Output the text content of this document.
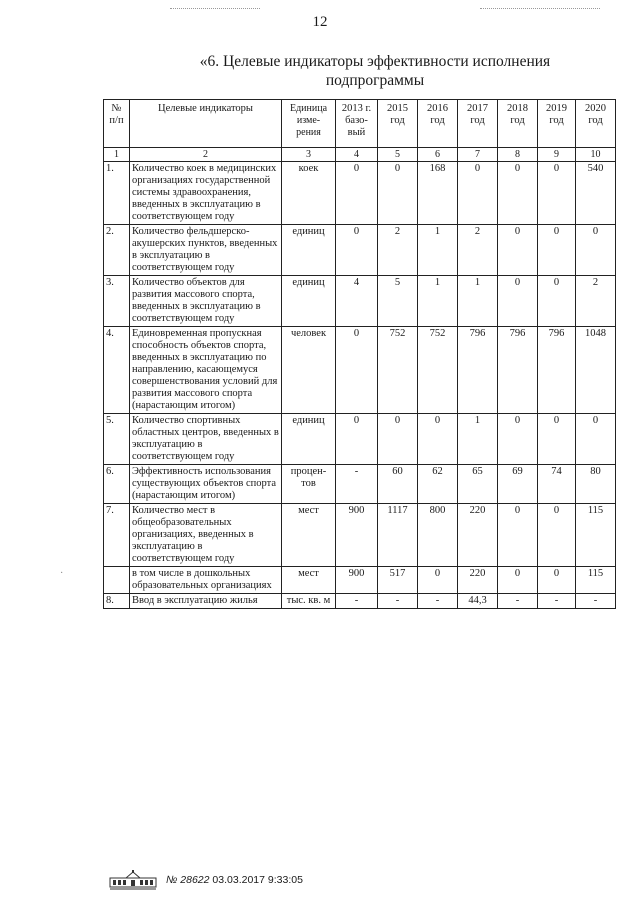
12
«6. Целевые индикаторы эффективности исполнения подпрограммы
№ п/п	Целевые индикаторы	Единица изме- рения	2013 г. базо- вый	2015 год	2016 год	2017 год	2018 год	2019 год	2020 год
1	2	3	4	5	6	7	8	9	10
1.	Количество коек в медицинских организациях государственной системы здравоохранения, введенных в эксплуатацию в соответствующем году	коек	0	0	168	0	0	0	540
2.	Количество фельдшерско-акушерских пунктов, введенных в эксплуатацию в соответствующем году	единиц	0	2	1	2	0	0	0
3.	Количество объектов для развития массового спорта, введенных в эксплуатацию в соответствующем году	единиц	4	5	1	1	0	0	2
4.	Единовременная пропускная способность объектов спорта, введенных в эксплуатацию по направлению, касающемуся совершенствования условий для развития массового спорта (нарастающим итогом)	человек	0	752	752	796	796	796	1048
5.	Количество спортивных областных центров, введенных в эксплуатацию в соответствующем году	единиц	0	0	0	1	0	0	0
6.	Эффективность использования существующих объектов спорта (нарастающим итогом)	процен- тов	-	60	62	65	69	74	80
7.	Количество мест в общеобразовательных организациях, введенных в эксплуатацию в соответствующем году	мест	900	1117	800	220	0	0	115
	в том числе в дошкольных образовательных организациях	мест	900	517	0	220	0	0	115
8.	Ввод в эксплуатацию жилья	тыс. кв. м	-	-	-	44,3	-	-	-
№ 28622 03.03.2017 9:33:05
·
